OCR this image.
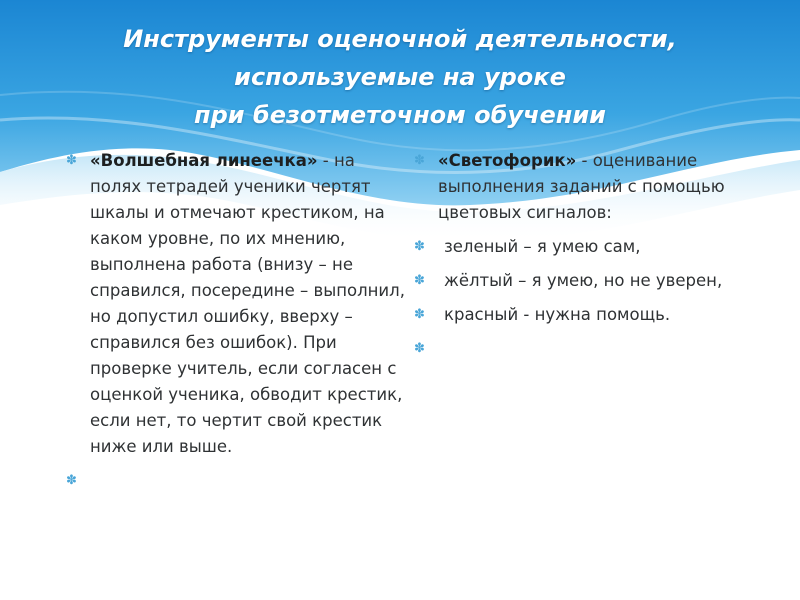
Инструменты оценочной деятельности,
используемые на уроке
при безотметочном обучении
✽ «Волшебная линеечка» - на полях тетрадей ученики чертят шкалы и отмечают крестиком, на каком уровне, по их мнению, выполнена работа (внизу – не справился, посередине – выполнил, но допустил ошибку, вверху – справился без ошибок). При проверке учитель, если согласен с оценкой ученика, обводит крестик, если нет, то чертит свой крестик ниже или выше.
✽
✽ «Светофорик» - оценивание выполнения заданий с помощью цветовых сигналов:
✽ зеленый – я умею сам,
✽ жёлтый – я умею, но не уверен,
✽ красный - нужна помощь.
✽
